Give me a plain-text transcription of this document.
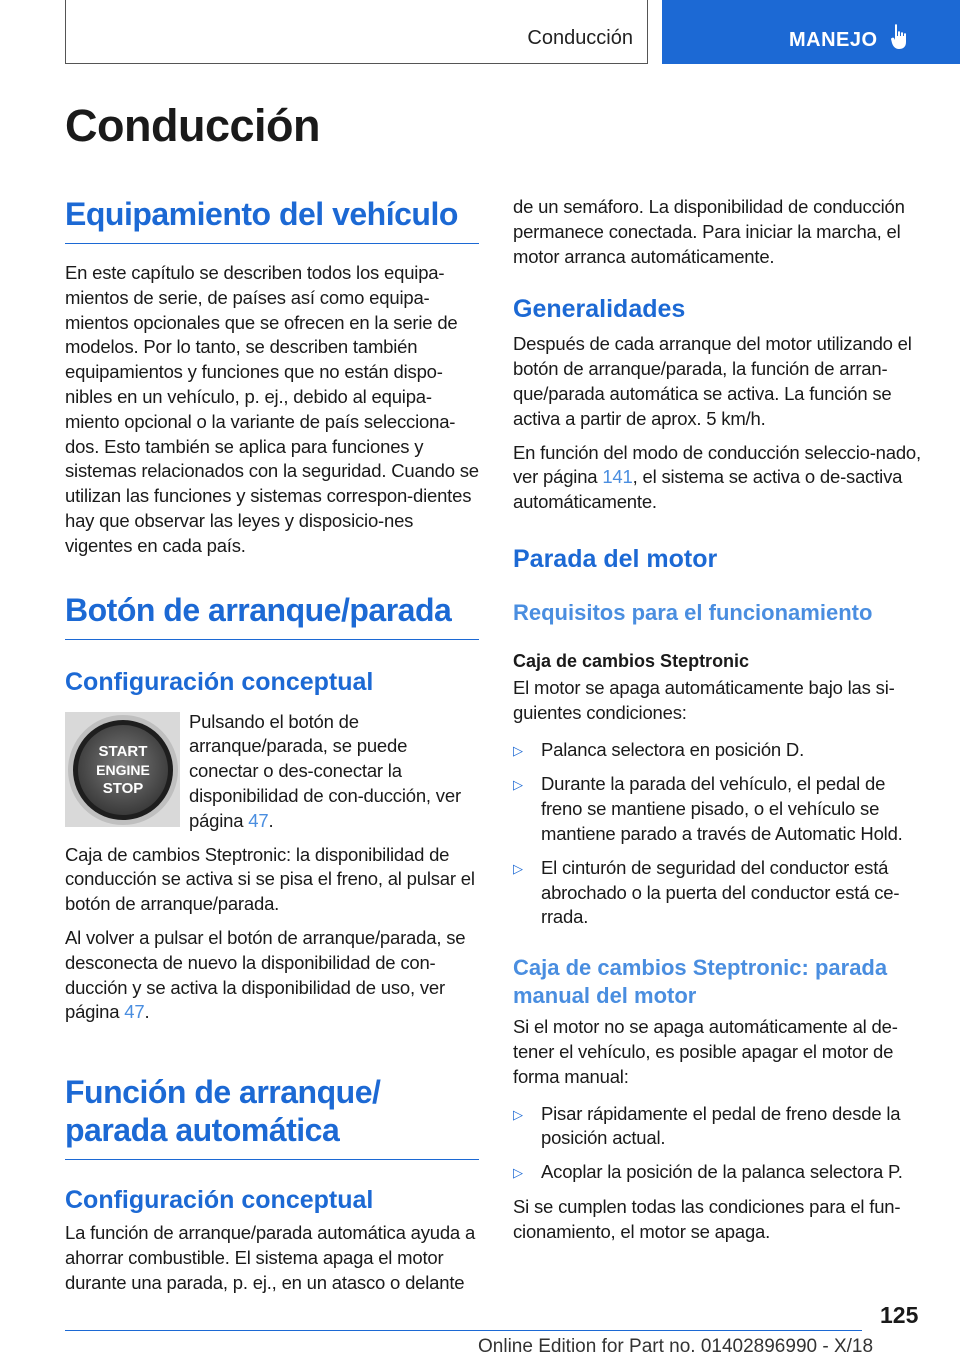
Conducción	MANEJO
Conducción
Equipamiento del vehículo

En este capítulo se describen todos los equipa-mientos de serie, de países así como equipa-mientos opcionales que se ofrecen en la serie de modelos. Por lo tanto, se describen también equipamientos y funciones que no están dispo-nibles en un vehículo, p. ej., debido al equipa-miento opcional o la variante de país selecciona-dos. Esto también se aplica para funciones y sistemas relacionados con la seguridad. Cuando se utilizan las funciones y sistemas correspon-dientes hay que observar las leyes y disposicio-nes vigentes en cada país.

Botón de arranque/parada
Configuración conceptual
START
ENGINE
STOP

Pulsando el botón de arranque/parada, se puede conectar o des-conectar la disponibilidad de con-ducción, ver página 47.

Caja de cambios Steptronic: la disponibilidad de conducción se activa si se pisa el freno, al pulsar el botón de arranque/parada.

Al volver a pulsar el botón de arranque/parada, se desconecta de nuevo la disponibilidad de con-ducción y se activa la disponibilidad de uso, ver página 47.

Función de arranque/
parada automática
Configuración conceptual

La función de arranque/parada automática ayuda a ahorrar combustible. El sistema apaga el motor durante una parada, p. ej., en un atasco o delante

de un semáforo. La disponibilidad de conducción permanece conectada. Para iniciar la marcha, el motor arranca automáticamente.

Generalidades

Después de cada arranque del motor utilizando el botón de arranque/parada, la función de arran-que/parada automática se activa. La función se activa a partir de aprox. 5 km/h.

En función del modo de conducción seleccio-nado, ver página 141, el sistema se activa o de-sactiva automáticamente.

Parada del motor
Requisitos para el funcionamiento
Caja de cambios Steptronic

El motor se apaga automáticamente bajo las si-guientes condiciones:

▷ Palanca selectora en posición D.
▷ Durante la parada del vehículo, el pedal de freno se mantiene pisado, o el vehículo se mantiene parado a través de Automatic Hold.
▷ El cinturón de seguridad del conductor está abrochado o la puerta del conductor está ce-rrada.
Caja de cambios Steptronic: parada manual del motor

Si el motor no se apaga automáticamente al de-tener el vehículo, es posible apagar el motor de forma manual:

▷ Pisar rápidamente el pedal de freno desde la posición actual.
▷ Acoplar la posición de la palanca selectora P.

Si se cumplen todas las condiciones para el fun-cionamiento, el motor se apaga.

125
Online Edition for Part no. 01402896990 - X/18
